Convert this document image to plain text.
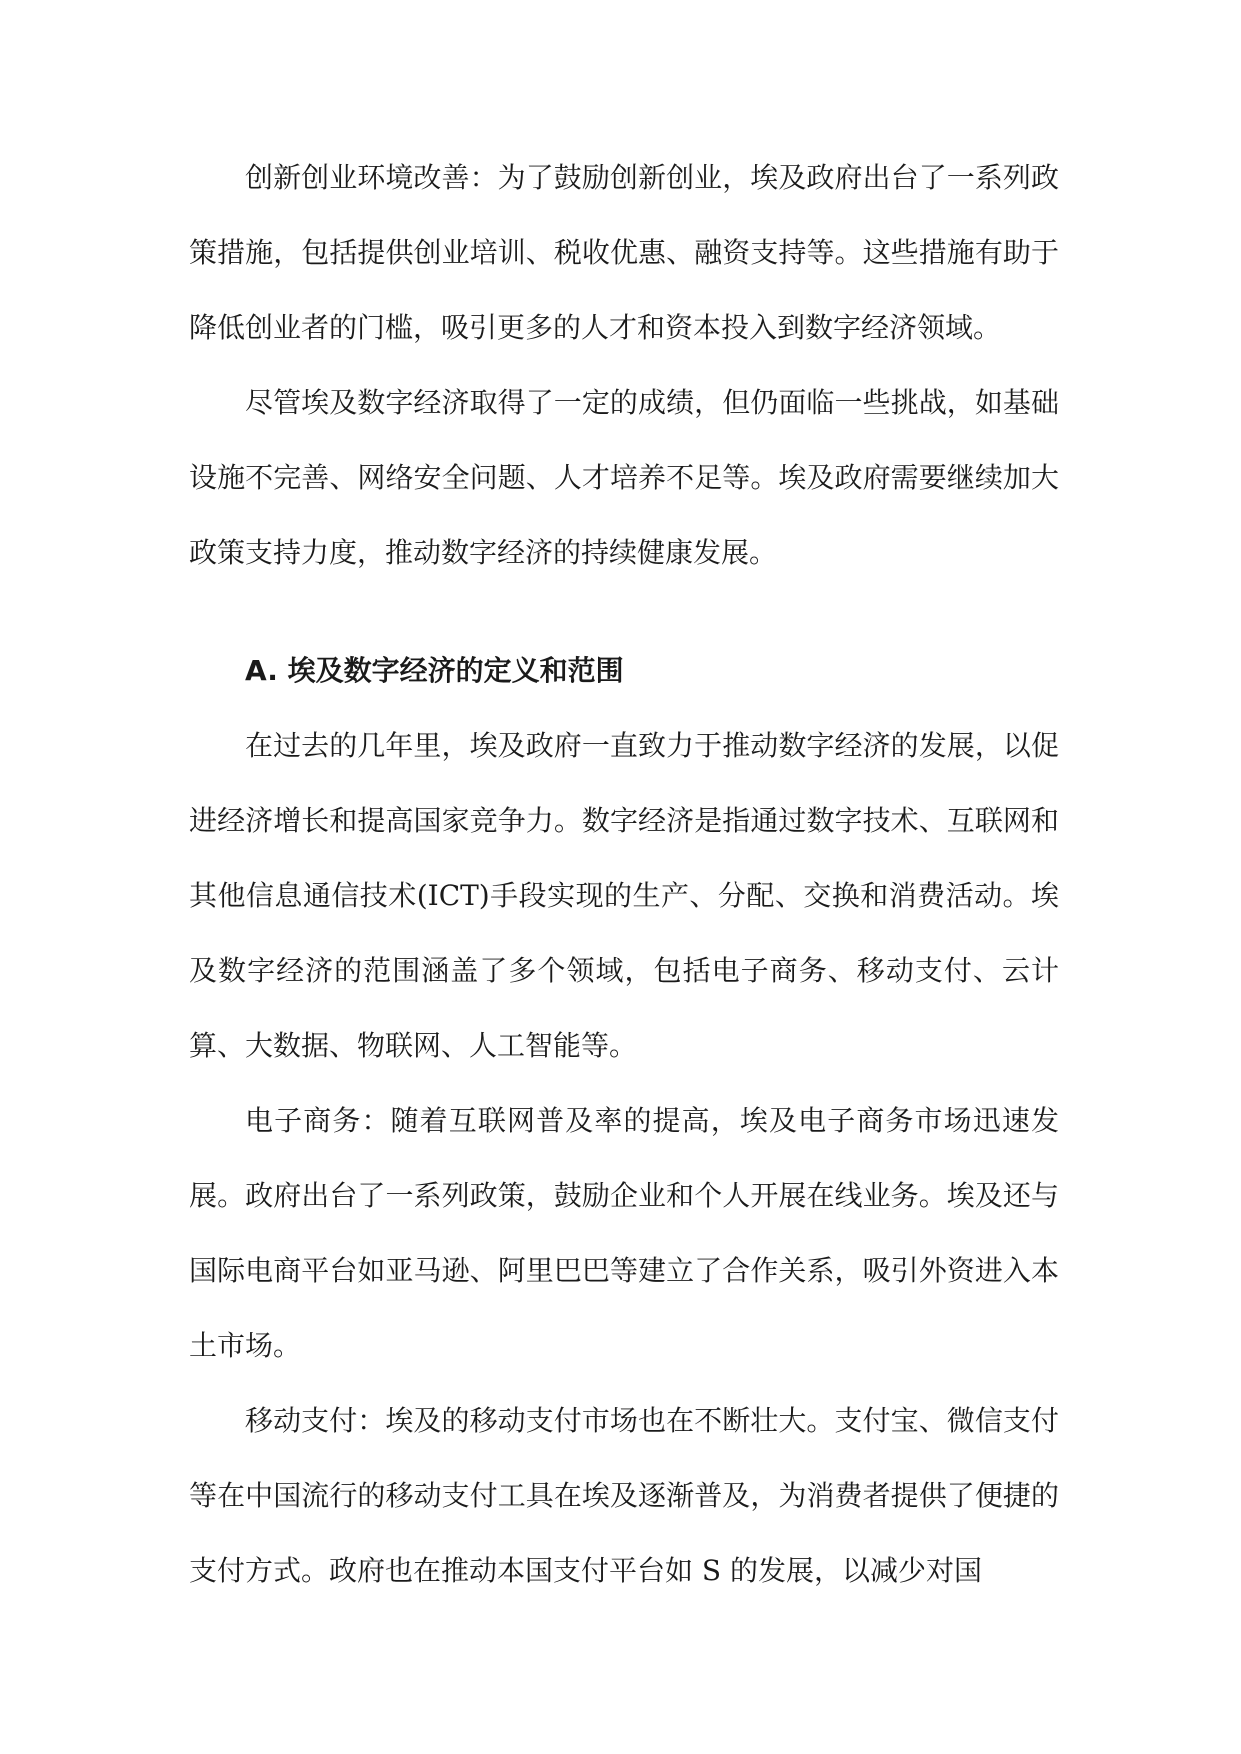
创新创业环境改善：为了鼓励创新创业，埃及政府出台了一系列政策措施，包括提供创业培训、税收优惠、融资支持等。这些措施有助于降低创业者的门槛，吸引更多的人才和资本投入到数字经济领域。

尽管埃及数字经济取得了一定的成绩，但仍面临一些挑战，如基础设施不完善、网络安全问题、人才培养不足等。埃及政府需要继续加大政策支持力度，推动数字经济的持续健康发展。

A. 埃及数字经济的定义和范围

在过去的几年里，埃及政府一直致力于推动数字经济的发展，以促进经济增长和提高国家竞争力。数字经济是指通过数字技术、互联网和其他信息通信技术(ICT)手段实现的生产、分配、交换和消费活动。埃及数字经济的范围涵盖了多个领域，包括电子商务、移动支付、云计算、大数据、物联网、人工智能等。

电子商务：随着互联网普及率的提高，埃及电子商务市场迅速发展。政府出台了一系列政策，鼓励企业和个人开展在线业务。埃及还与国际电商平台如亚马逊、阿里巴巴等建立了合作关系，吸引外资进入本土市场。

移动支付：埃及的移动支付市场也在不断壮大。支付宝、微信支付等在中国流行的移动支付工具在埃及逐渐普及，为消费者提供了便捷的支付方式。政府也在推动本国支付平台如 S 的发展，以减少对国
